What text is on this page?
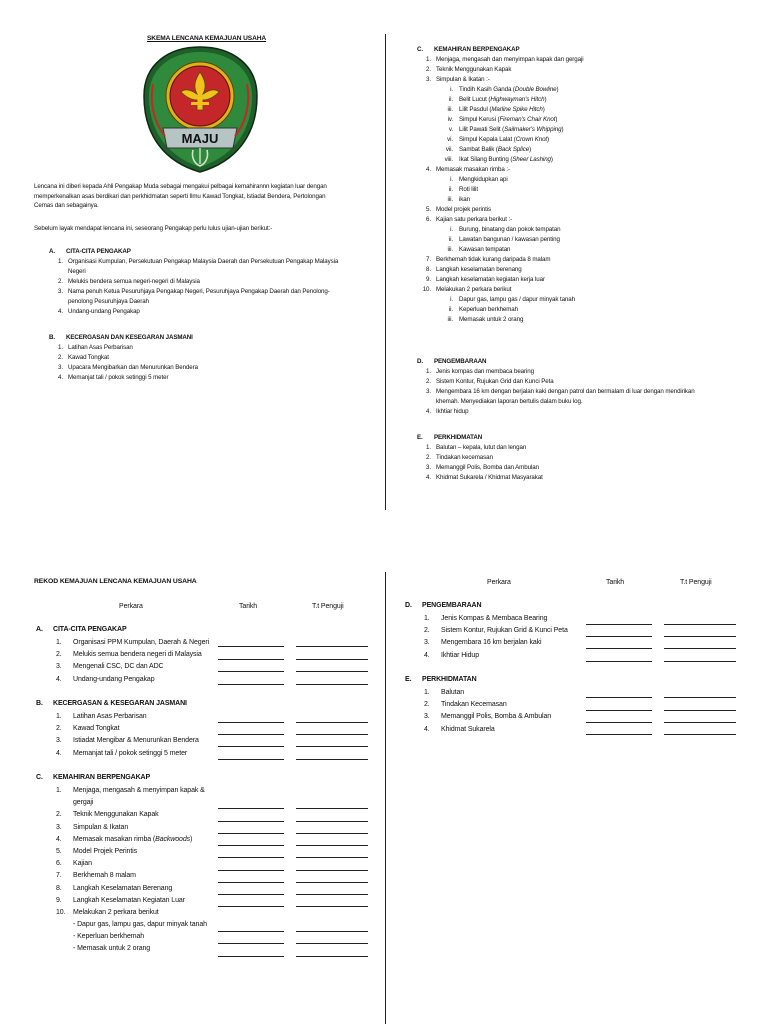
SKEMA LENCANA KEMAJUAN USAHA
MAJU
Lencana ini diberi kepada Ahli Pengakap Muda sebagai mengakui pelbagai kemahirannn kegiatan luar dengan
memperkenalkan asas berdikari dan perkhidmatan seperti Ilmu Kawad Tongkat, Istiadat Bendera, Pertolongan
Cemas dan sebagainya.
Sebelum layak mendapat lencana ini, seseorang Pengakap perlu lulus ujian-ujian berikut:-
A. CITA-CITA PENGAKAP
1. Organisasi Kumpulan, Persekutuan Pengakap Malaysia Daerah dan Persekutuan Pengakap Malaysia
Negeri
2. Melukis bendera semua negeri-negeri di Malaysia
3. Nama penuh Ketua Pesuruhjaya Pengakap Negeri, Pesuruhjaya Pengakap Daerah dan Penolong-
penolong Pesuruhjaya Daerah
4. Undang-undang Pengakap
B. KECERGASAN DAN KESEGARAN JASMANI
1. Latihan Asas Perbarisan
2. Kawad Tongkat
3. Upacara Mengibarkan dan Menurunkan Bendera
4. Memanjat tali / pokok setinggi 5 meter
C. KEMAHIRAN BERPENGAKAP
1. Menjaga, mengasah dan menyimpan kapak dan gergaji
2. Teknik Menggunakan Kapak
3. Simpulan & Ikatan :-
i. Tindih Kasih Ganda (Double Bowline)
ii. Belit Lucut (Highwayman's Hitch)
iii. Lilit Pasdul (Marline Spike Hitch)
iv. Simpul Kerusi (Fireman's Chair Knot)
v. Lilit Pawati Selit (Sailmaker's Whipping)
vi. Simpul Kepala Lalat (Crown Knot)
vii. Sambat Balik (Back Splice)
viii. Ikat Silang Bunting (Sheer Lashing)
4. Memasak masakan rimba :-
i. Mengkidupkan api
ii. Roti lilit
iii. ikan
5. Model projek perintis
6. Kajian satu perkara berikut :-
i. Burung, binatang dan pokok tempatan
ii. Lawatan bangunan / kawasan penting
iii. Kawasan tempatan
7. Berkhemah tidak kurang daripada 8 malam
8. Langkah keselamatan berenang
9. Langkah keselamatan kegiatan kerja luar
10. Melakukan 2 perkara berikut
i. Dapur gas, lampu gas / dapur minyak tanah
ii. Keperluan berkhemah
iii. Memasak untuk 2 orang
D. PENGEMBARAAN
1. Jenis kompas dan membaca bearing
2. Sistem Kontur, Rujukan Grid dan Kunci Peta
3. Mengembara 16 km dengan berjalan kaki dengan patrol dan bermalam di luar dengan mendirikan
khemah. Menyediakan laporan bertulis dalam buku log.
4. Ikhtiar hidup
E. PERKHIDMATAN
1. Balutan – kepala, lutut dan lengan
2. Tindakan kecemasan
3. Memanggil Polis, Bomba dan Ambulan
4. Khidmat Sukarela / Khidmat Masyarakat
REKOD KEMAJUAN LENCANA KEMAJUAN USAHA
Perkara	Tarikh	T.t Penguji
A. CITA-CITA PENGAKAP
1.	Organisasi PPM Kumpulan, Daerah & Negeri
2.	Melukis semua bendera negeri di Malaysia
3.	Mengenali CSC, DC dan ADC
4.	Undang-undang Pengakap
B. KECERGASAN & KESEGARAN JASMANI
1.	Latihan Asas Perbarisan
2.	Kawad Tongkat
3.	Istiadat Mengibar & Menurunkan Bendera
4.	Memanjat tali / pokok setinggi 5 meter
C. KEMAHIRAN BERPENGAKAP
1.	Menjaga, mengasah & menyimpan kapak &
gergaji
2.	Teknik Menggunakan Kapak
3.	Simpulan & Ikatan
4.	Memasak masakan rimba (Backwoods)
5.	Model Projek Perintis
6.	Kajian
7.	Berkhemah 8 malam
8.	Langkah Keselamatan Berenang
9.	Langkah Keselamatan Kegiatan Luar
10. Melakukan 2 perkara berikut
- Dapur gas, lampu gas, dapur minyak tanah
- Keperluan berkhemah
- Memasak untuk 2 orang
Perkara	Tarikh	T.t Penguji
D. PENGEMBARAAN
1.	Jenis Kompas & Membaca Bearing
2.	Sistem Kontur, Rujukan Grid & Kunci Peta
3.	Mengembara 16 km berjalan kaki
4.	Ikhtiar Hidup
E. PERKHIDMATAN
1.	Balutan
2.	Tindakan Kecemasan
3.	Memanggil Polis, Bomba & Ambulan
4.	Khidmat Sukarela
